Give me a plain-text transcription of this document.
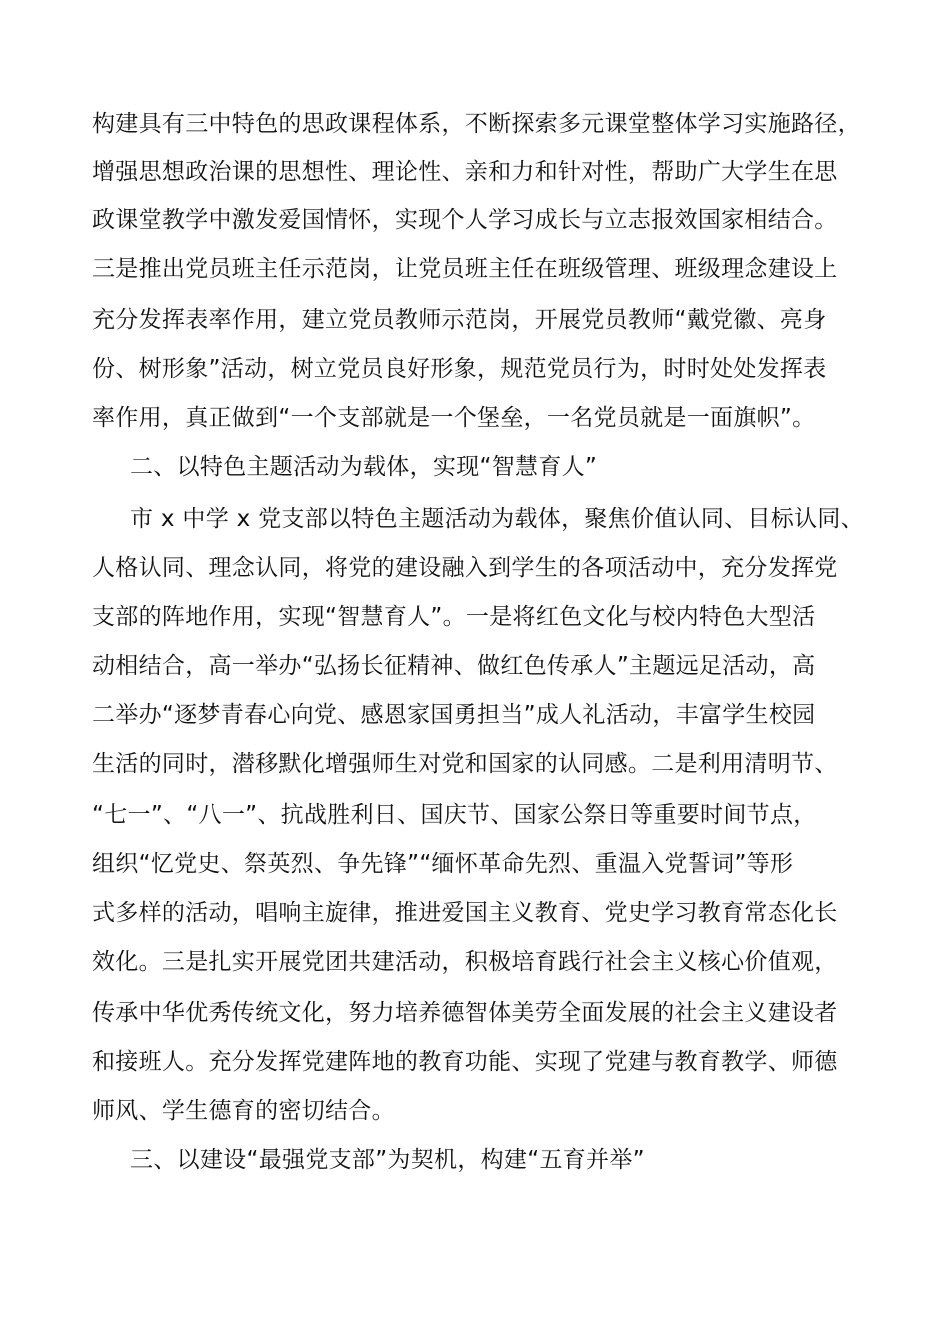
构建具有三中特色的思政课程体系，不断探索多元课堂整体学习实施路径，
增强思想政治课的思想性、理论性、亲和力和针对性，帮助广大学生在思
政课堂教学中激发爱国情怀，实现个人学习成长与立志报效国家相结合。
三是推出党员班主任示范岗，让党员班主任在班级管理、班级理念建设上
充分发挥表率作用，建立党员教师示范岗，开展党员教师“戴党徽、亮身
份、树形象”活动，树立党员良好形象，规范党员行为，时时处处发挥表
率作用，真正做到“一个支部就是一个堡垒，一名党员就是一面旗帜”。
二、以特色主题活动为载体，实现“智慧育人”
市 x 中学 x 党支部以特色主题活动为载体，聚焦价值认同、目标认同、
人格认同、理念认同，将党的建设融入到学生的各项活动中，充分发挥党
支部的阵地作用，实现“智慧育人”。一是将红色文化与校内特色大型活
动相结合，高一举办“弘扬长征精神、做红色传承人”主题远足活动，高
二举办“逐梦青春心向党、感恩家国勇担当”成人礼活动，丰富学生校园
生活的同时，潜移默化增强师生对党和国家的认同感。二是利用清明节、
“七一”、“八一”、抗战胜利日、国庆节、国家公祭日等重要时间节点，
组织“忆党史、祭英烈、争先锋”“缅怀革命先烈、重温入党誓词”等形
式多样的活动，唱响主旋律，推进爱国主义教育、党史学习教育常态化长
效化。三是扎实开展党团共建活动，积极培育践行社会主义核心价值观，
传承中华优秀传统文化，努力培养德智体美劳全面发展的社会主义建设者
和接班人。充分发挥党建阵地的教育功能、实现了党建与教育教学、师德
师风、学生德育的密切结合。
三、以建设“最强党支部”为契机，构建“五育并举”
